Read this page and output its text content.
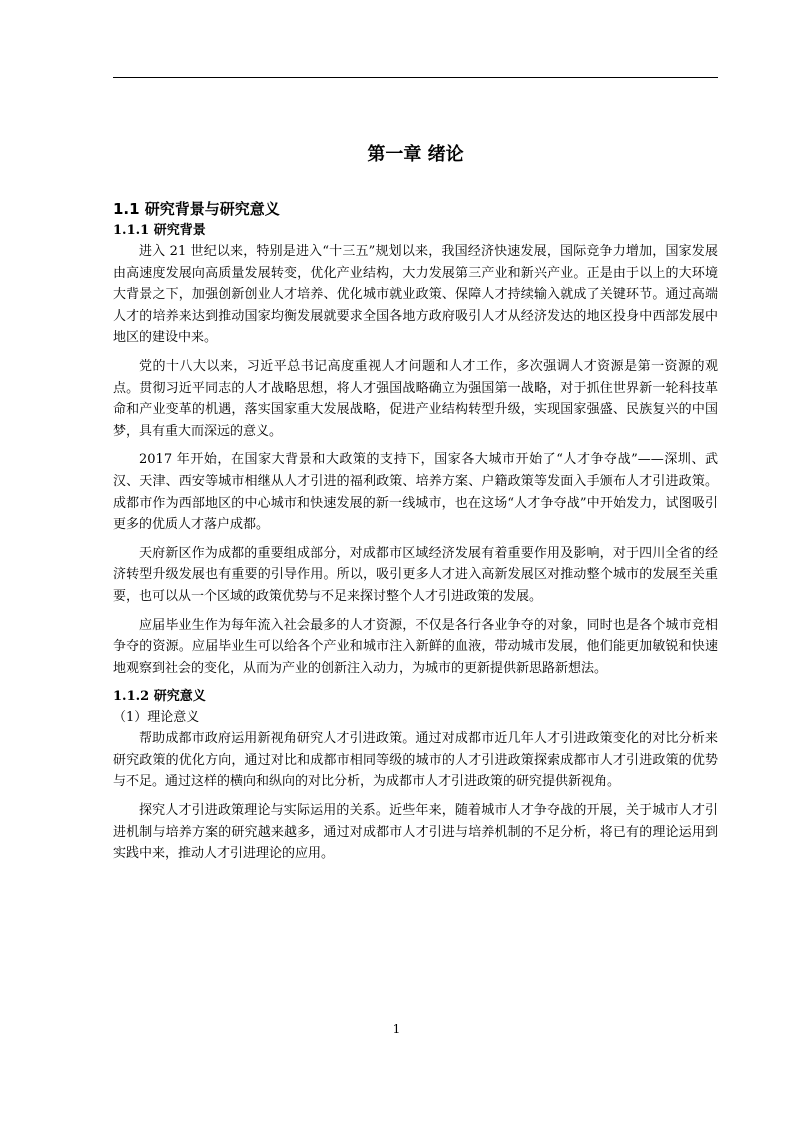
第一章 绪论
1.1 研究背景与研究意义
1.1.1 研究背景

进入 21 世纪以来，特别是进入“十三五”规划以来，我国经济快速发展，国际竞争力增加，国家发展由高速度发展向高质量发展转变，优化产业结构，大力发展第三产业和新兴产业。正是由于以上的大环境大背景之下，加强创新创业人才培养、优化城市就业政策、保障人才持续输入就成了关键环节。通过高端人才的培养来达到推动国家均衡发展就要求全国各地方政府吸引人才从经济发达的地区投身中西部发展中地区的建设中来。

党的十八大以来，习近平总书记高度重视人才问题和人才工作，多次强调人才资源是第一资源的观点。贯彻习近平同志的人才战略思想，将人才强国战略确立为强国第一战略，对于抓住世界新一轮科技革命和产业变革的机遇，落实国家重大发展战略，促进产业结构转型升级，实现国家强盛、民族复兴的中国梦，具有重大而深远的意义。

2017 年开始，在国家大背景和大政策的支持下，国家各大城市开始了“人才争夺战”——深圳、武汉、天津、西安等城市相继从人才引进的福利政策、培养方案、户籍政策等发面入手颁布人才引进政策。成都市作为西部地区的中心城市和快速发展的新一线城市，也在这场“人才争夺战”中开始发力，试图吸引更多的优质人才落户成都。

天府新区作为成都的重要组成部分，对成都市区域经济发展有着重要作用及影响，对于四川全省的经济转型升级发展也有重要的引导作用。所以，吸引更多人才进入高新发展区对推动整个城市的发展至关重要，也可以从一个区域的政策优势与不足来探讨整个人才引进政策的发展。

应届毕业生作为每年流入社会最多的人才资源，不仅是各行各业争夺的对象，同时也是各个城市竞相争夺的资源。应届毕业生可以给各个产业和城市注入新鲜的血液，带动城市发展，他们能更加敏锐和快速地观察到社会的变化，从而为产业的创新注入动力，为城市的更新提供新思路新想法。

1.1.2 研究意义
（1）理论意义

帮助成都市政府运用新视角研究人才引进政策。通过对成都市近几年人才引进政策变化的对比分析来研究政策的优化方向，通过对比和成都市相同等级的城市的人才引进政策探索成都市人才引进政策的优势与不足。通过这样的横向和纵向的对比分析，为成都市人才引进政策的研究提供新视角。

探究人才引进政策理论与实际运用的关系。近些年来，随着城市人才争夺战的开展，关于城市人才引进机制与培养方案的研究越来越多，通过对成都市人才引进与培养机制的不足分析，将已有的理论运用到实践中来，推动人才引进理论的应用。

1
